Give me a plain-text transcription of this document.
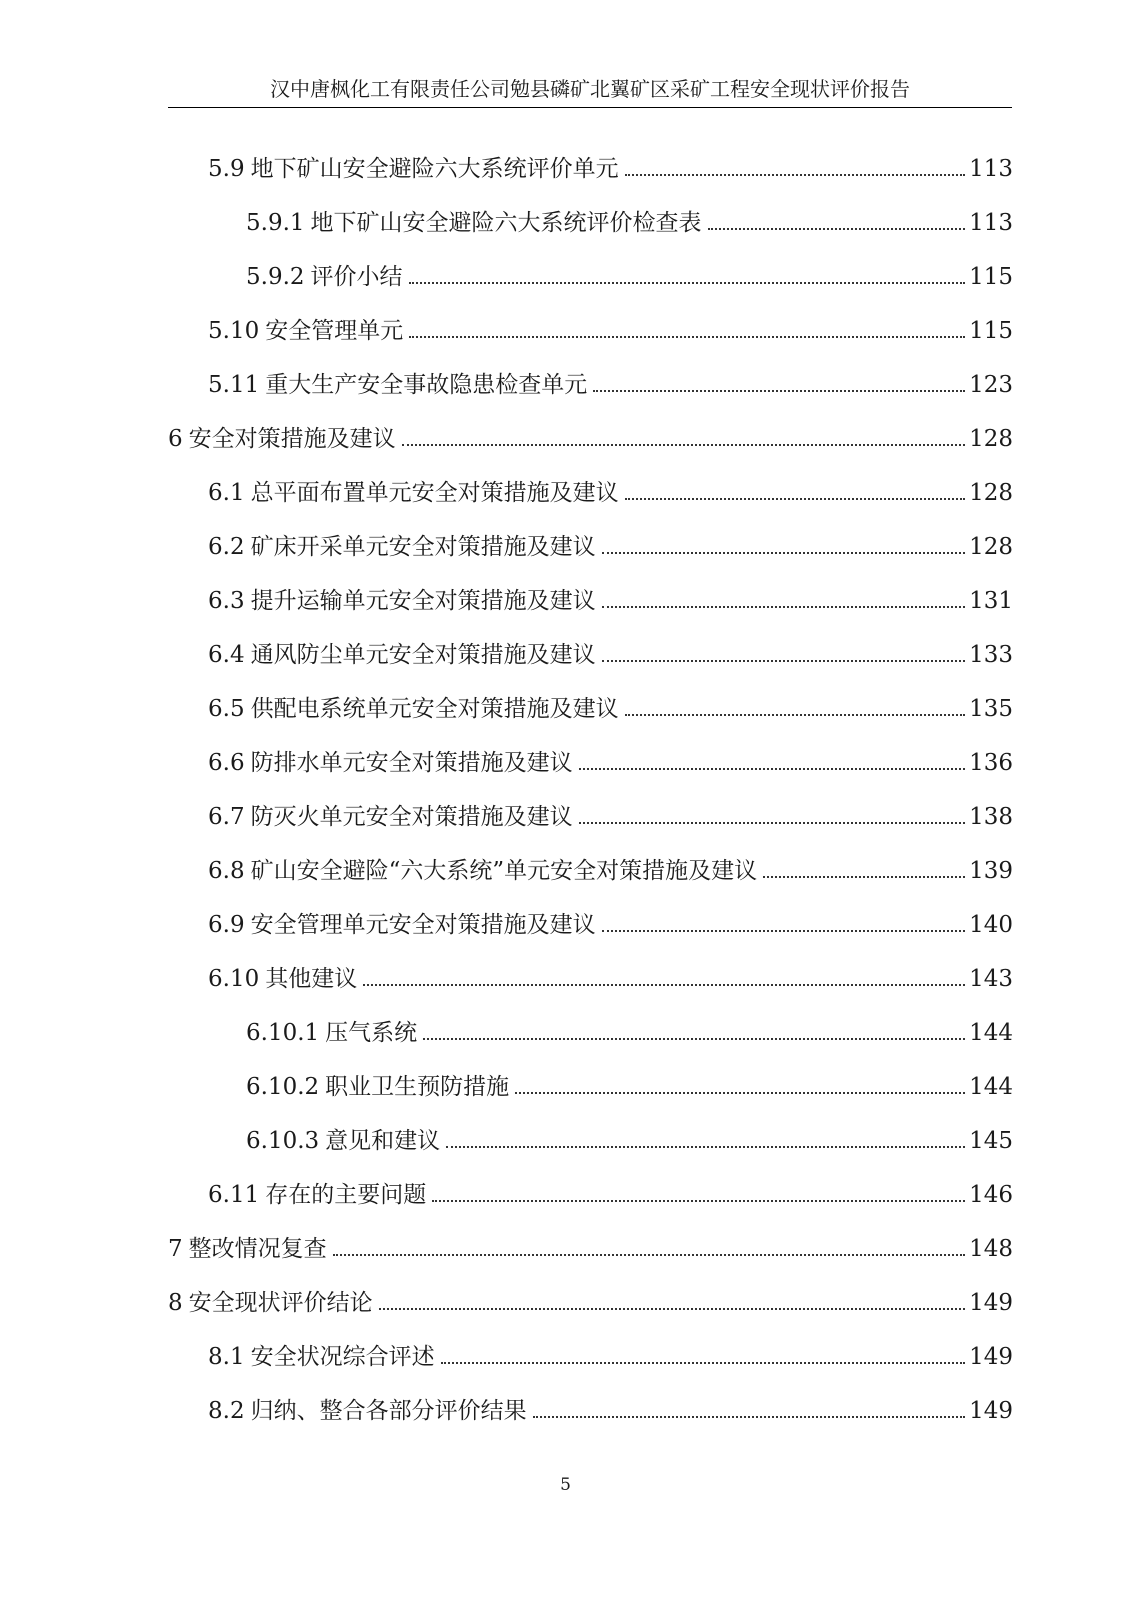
汉中唐枫化工有限责任公司勉县磷矿北翼矿区采矿工程安全现状评价报告
5.9 地下矿山安全避险六大系统评价单元	113
5.9.1 地下矿山安全避险六大系统评价检查表	113
5.9.2 评价小结	115
5.10 安全管理单元	115
5.11 重大生产安全事故隐患检查单元	123
6 安全对策措施及建议	128
6.1 总平面布置单元安全对策措施及建议	128
6.2 矿床开采单元安全对策措施及建议	128
6.3 提升运输单元安全对策措施及建议	131
6.4 通风防尘单元安全对策措施及建议	133
6.5 供配电系统单元安全对策措施及建议	135
6.6 防排水单元安全对策措施及建议	136
6.7 防灭火单元安全对策措施及建议	138
6.8 矿山安全避险“六大系统”单元安全对策措施及建议	139
6.9 安全管理单元安全对策措施及建议	140
6.10 其他建议	143
6.10.1 压气系统	144
6.10.2 职业卫生预防措施	144
6.10.3 意见和建议	145
6.11 存在的主要问题	146
7 整改情况复查	148
8 安全现状评价结论	149
8.1 安全状况综合评述	149
8.2 归纳、整合各部分评价结果	149
5
